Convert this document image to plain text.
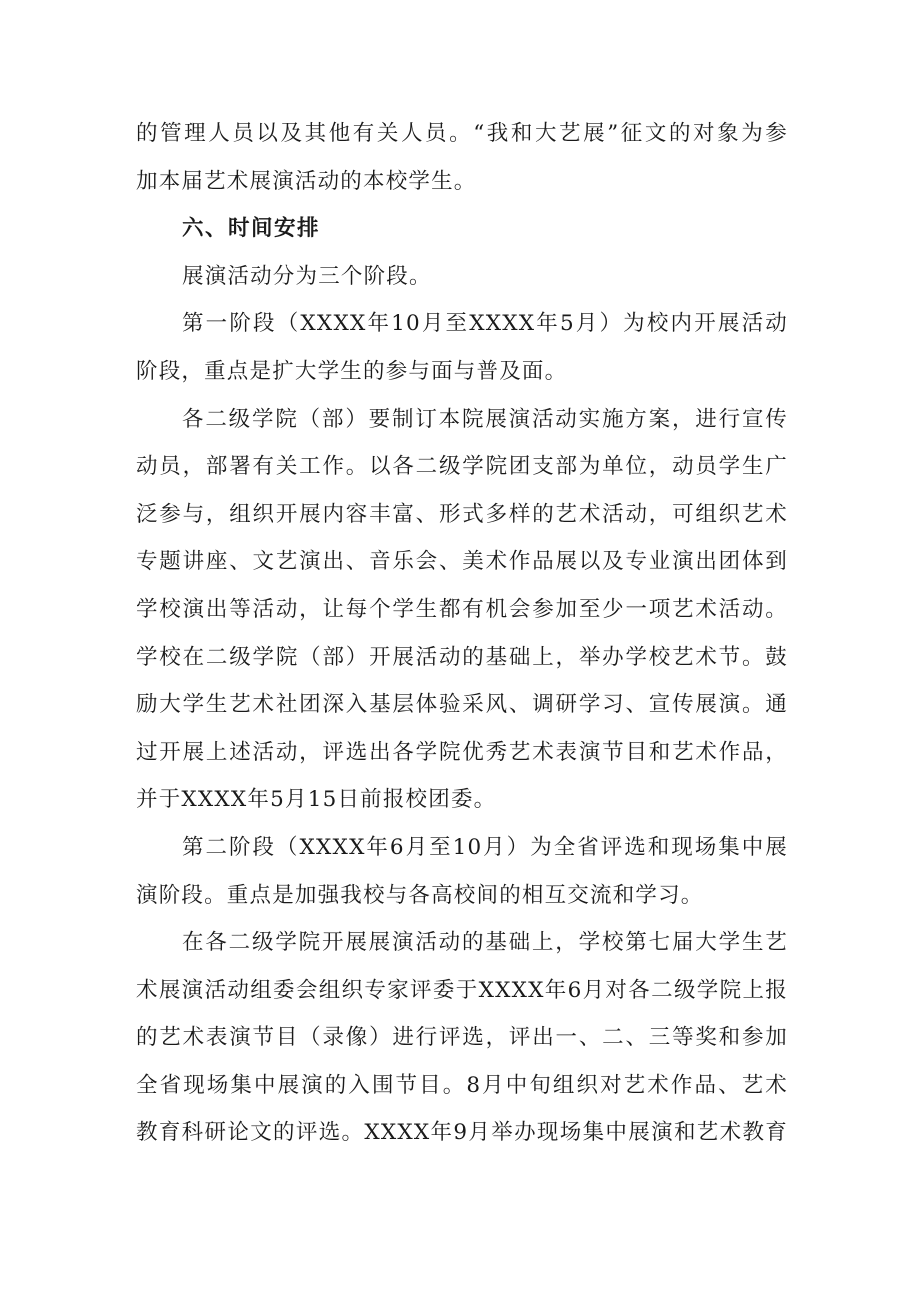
的管理人员以及其他有关人员。“我和大艺展”征文的对象为参
加本届艺术展演活动的本校学生。
六、时间安排
展演活动分为三个阶段。
第一阶段（XXXX年10月至XXXX年5月）为校内开展活动
阶段，重点是扩大学生的参与面与普及面。
各二级学院（部）要制订本院展演活动实施方案，进行宣传
动员，部署有关工作。以各二级学院团支部为单位，动员学生广
泛参与，组织开展内容丰富、形式多样的艺术活动，可组织艺术
专题讲座、文艺演出、音乐会、美术作品展以及专业演出团体到
学校演出等活动，让每个学生都有机会参加至少一项艺术活动。
学校在二级学院（部）开展活动的基础上，举办学校艺术节。鼓
励大学生艺术社团深入基层体验采风、调研学习、宣传展演。通
过开展上述活动，评选出各学院优秀艺术表演节目和艺术作品，
并于XXXX年5月15日前报校团委。
第二阶段（XXXX年6月至10月）为全省评选和现场集中展
演阶段。重点是加强我校与各高校间的相互交流和学习。
在各二级学院开展展演活动的基础上，学校第七届大学生艺
术展演活动组委会组织专家评委于XXXX年6月对各二级学院上报
的艺术表演节目（录像）进行评选，评出一、二、三等奖和参加
全省现场集中展演的入围节目。8月中旬组织对艺术作品、艺术
教育科研论文的评选。XXXX年9月举办现场集中展演和艺术教育
